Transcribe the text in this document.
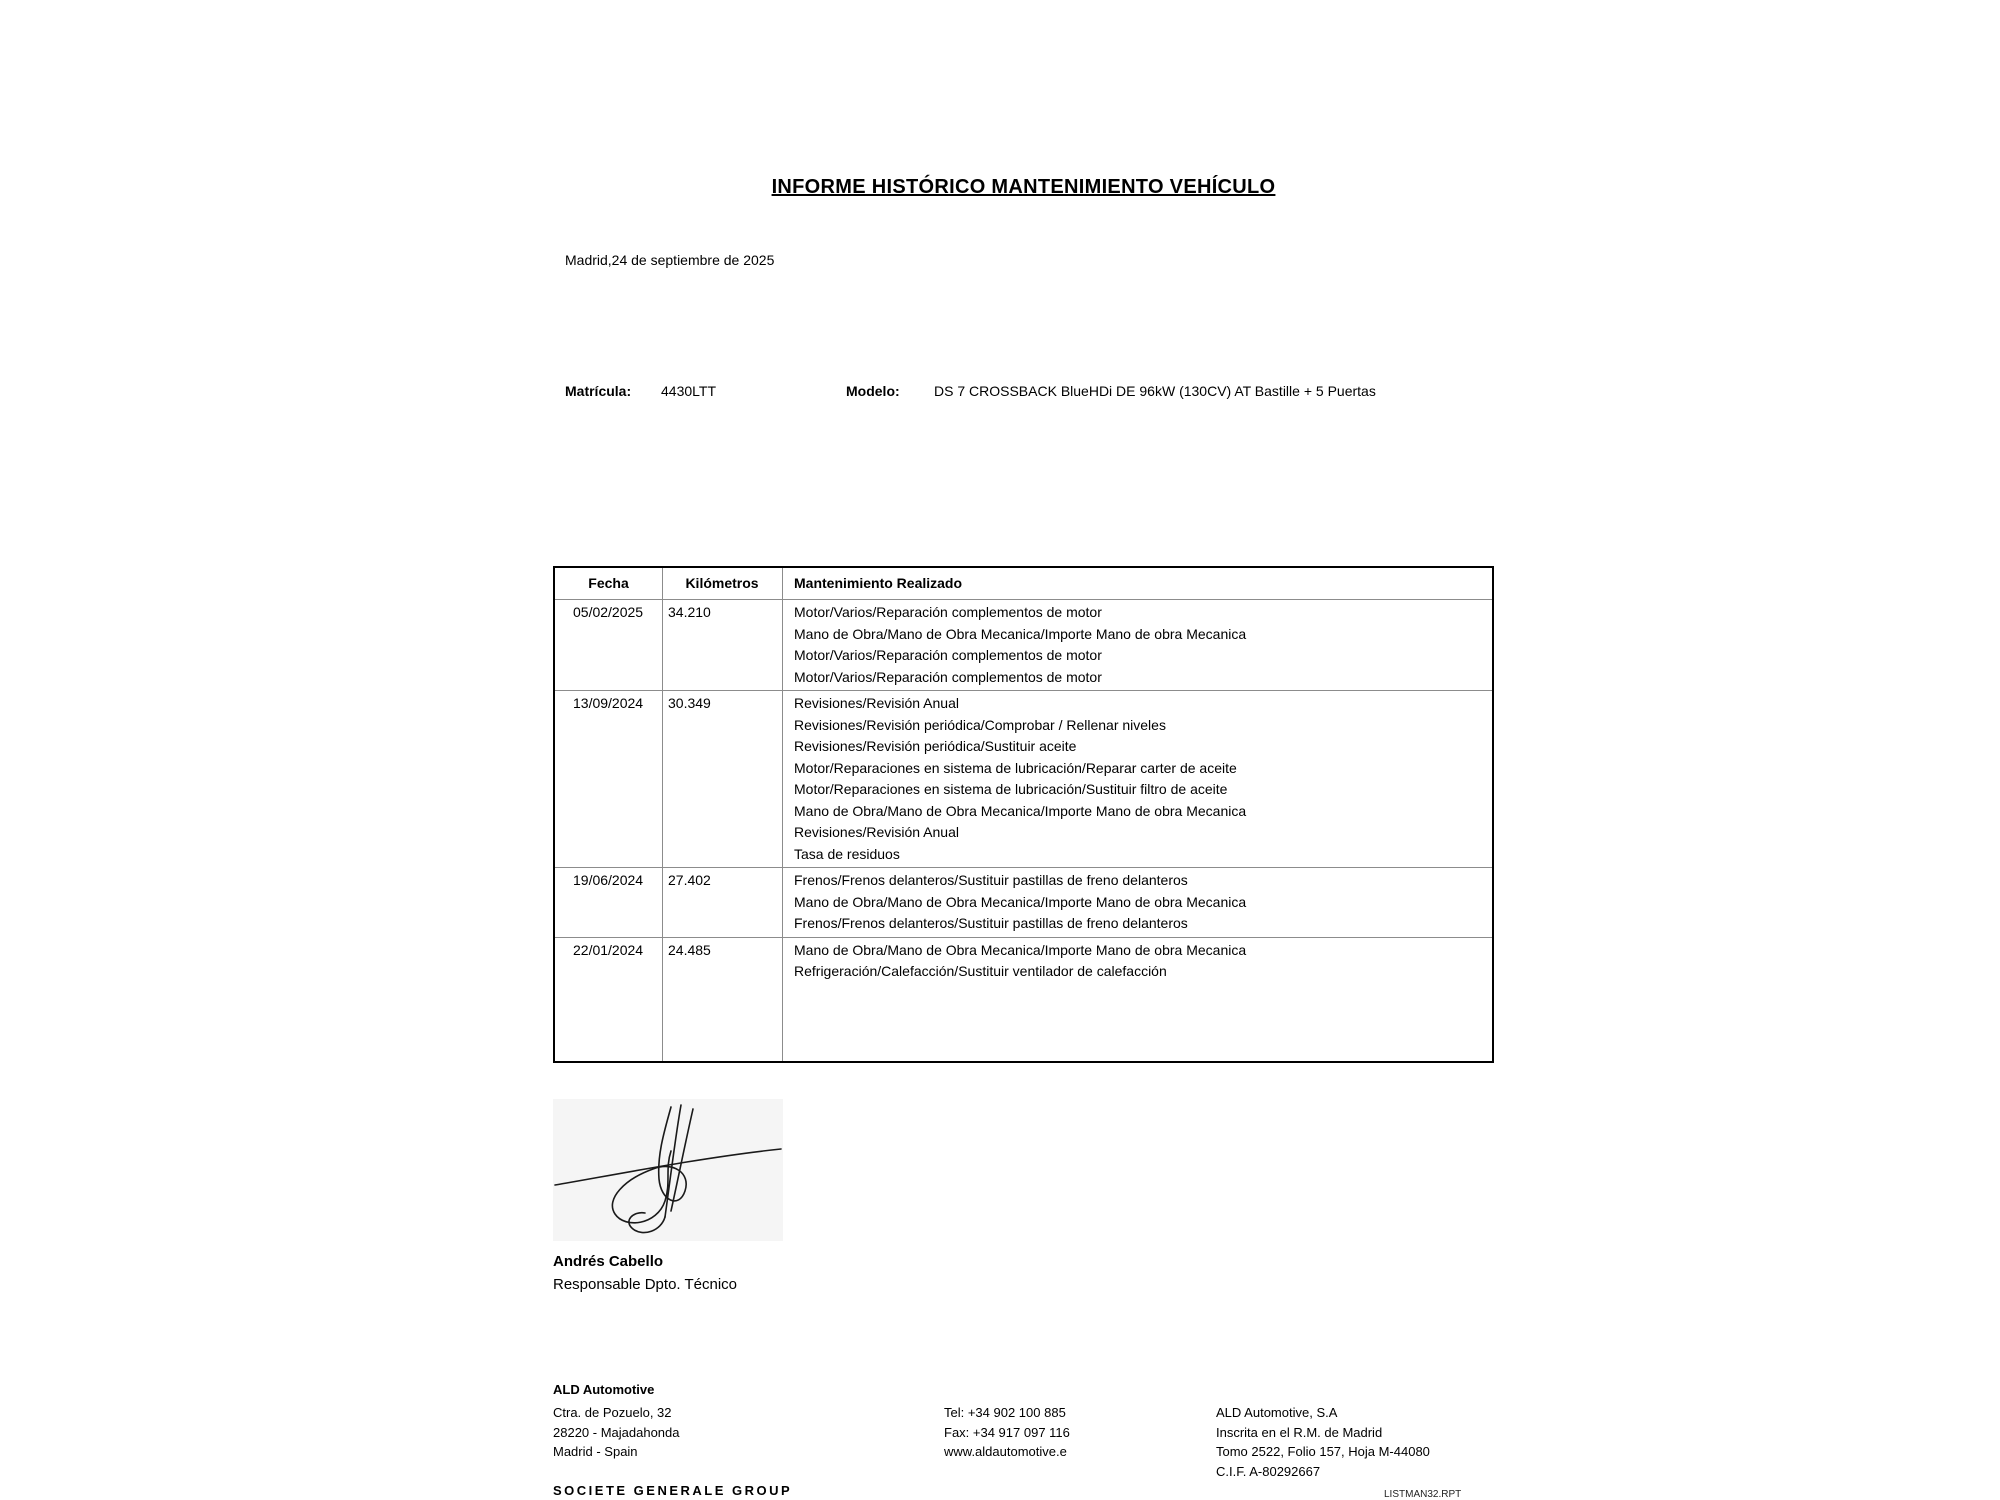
INFORME HISTÓRICO MANTENIMIENTO VEHÍCULO
Madrid,24 de septiembre de 2025
Matrícula: 4430LTT	Modelo: DS 7 CROSSBACK BlueHDi DE 96kW (130CV) AT Bastille + 5 Puertas
Fecha	Kilómetros	Mantenimiento Realizado
05/02/2025	34.210	Motor/Varios/Reparación complementos de motor
Mano de Obra/Mano de Obra Mecanica/Importe Mano de obra Mecanica
Motor/Varios/Reparación complementos de motor
Motor/Varios/Reparación complementos de motor
13/09/2024	30.349	Revisiones/Revisión Anual
Revisiones/Revisión periódica/Comprobar / Rellenar niveles
Revisiones/Revisión periódica/Sustituir aceite
Motor/Reparaciones en sistema de lubricación/Reparar carter de aceite
Motor/Reparaciones en sistema de lubricación/Sustituir filtro de aceite
Mano de Obra/Mano de Obra Mecanica/Importe Mano de obra Mecanica
Revisiones/Revisión Anual
Tasa de residuos
19/06/2024	27.402	Frenos/Frenos delanteros/Sustituir pastillas de freno delanteros
Mano de Obra/Mano de Obra Mecanica/Importe Mano de obra Mecanica
Frenos/Frenos delanteros/Sustituir pastillas de freno delanteros
22/01/2024	24.485	Mano de Obra/Mano de Obra Mecanica/Importe Mano de obra Mecanica
Refrigeración/Calefacción/Sustituir ventilador de calefacción
Andrés Cabello
Responsable Dpto. Técnico
ALD Automotive
Ctra. de Pozuelo, 32
28220 - Majadahonda
Madrid - Spain
Tel: +34 902 100 885
Fax: +34 917 097 116
www.aldautomotive.e
ALD Automotive, S.A
Inscrita en el R.M. de Madrid
Tomo 2522, Folio 157, Hoja M-44080
C.I.F. A-80292667
SOCIETE GENERALE GROUP	LISTMAN32.RPT
